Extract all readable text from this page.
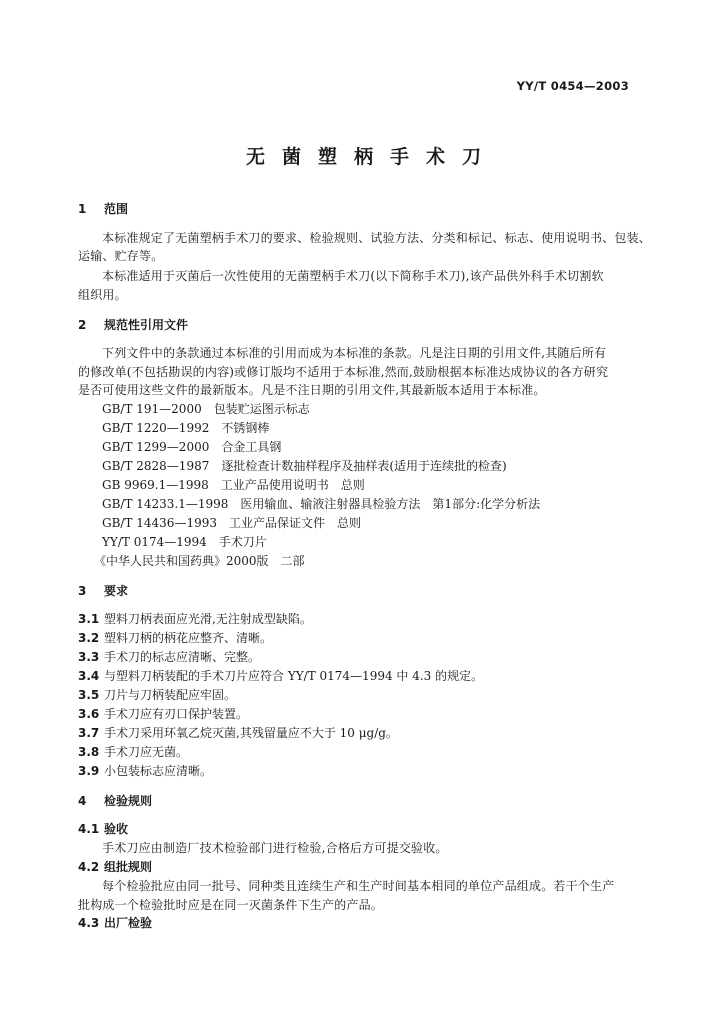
YY/T 0454—2003
无菌塑柄手术刀
1 范围
本标准规定了无菌塑柄手术刀的要求、检验规则、试验方法、分类和标记、标志、使用说明书、包装、
运输、贮存等。
本标准适用于灭菌后一次性使用的无菌塑柄手术刀(以下简称手术刀),该产品供外科手术切割软
组织用。
2 规范性引用文件
下列文件中的条款通过本标准的引用而成为本标准的条款。凡是注日期的引用文件,其随后所有
的修改单(不包括勘误的内容)或修订版均不适用于本标准,然而,鼓励根据本标准达成协议的各方研究
是否可使用这些文件的最新版本。凡是不注日期的引用文件,其最新版本适用于本标准。
GB/T 191—2000　包装贮运图示标志
GB/T 1220—1992　不锈钢棒
GB/T 1299—2000　合金工具钢
GB/T 2828—1987　逐批检查计数抽样程序及抽样表(适用于连续批的检查)
GB 9969.1—1998　工业产品使用说明书　总则
GB/T 14233.1—1998　医用输血、输液注射器具检验方法　第1部分:化学分析法
GB/T 14436—1993　工业产品保证文件　总则
YY/T 0174—1994　手术刀片
《中华人民共和国药典》2000版　二部
3 要求
3.1 塑料刀柄表面应光滑,无注射成型缺陷。
3.2 塑料刀柄的柄花应整齐、清晰。
3.3 手术刀的标志应清晰、完整。
3.4 与塑料刀柄装配的手术刀片应符合 YY/T 0174—1994 中 4.3 的规定。
3.5 刀片与刀柄装配应牢固。
3.6 手术刀应有刃口保护装置。
3.7 手术刀采用环氧乙烷灭菌,其残留量应不大于 10 μg/g。
3.8 手术刀应无菌。
3.9 小包装标志应清晰。
4 检验规则
4.1 验收
手术刀应由制造厂技术检验部门进行检验,合格后方可提交验收。
4.2 组批规则
每个检验批应由同一批号、同种类且连续生产和生产时间基本相同的单位产品组成。若干个生产
批构成一个检验批时应是在同一灭菌条件下生产的产品。
4.3 出厂检验
